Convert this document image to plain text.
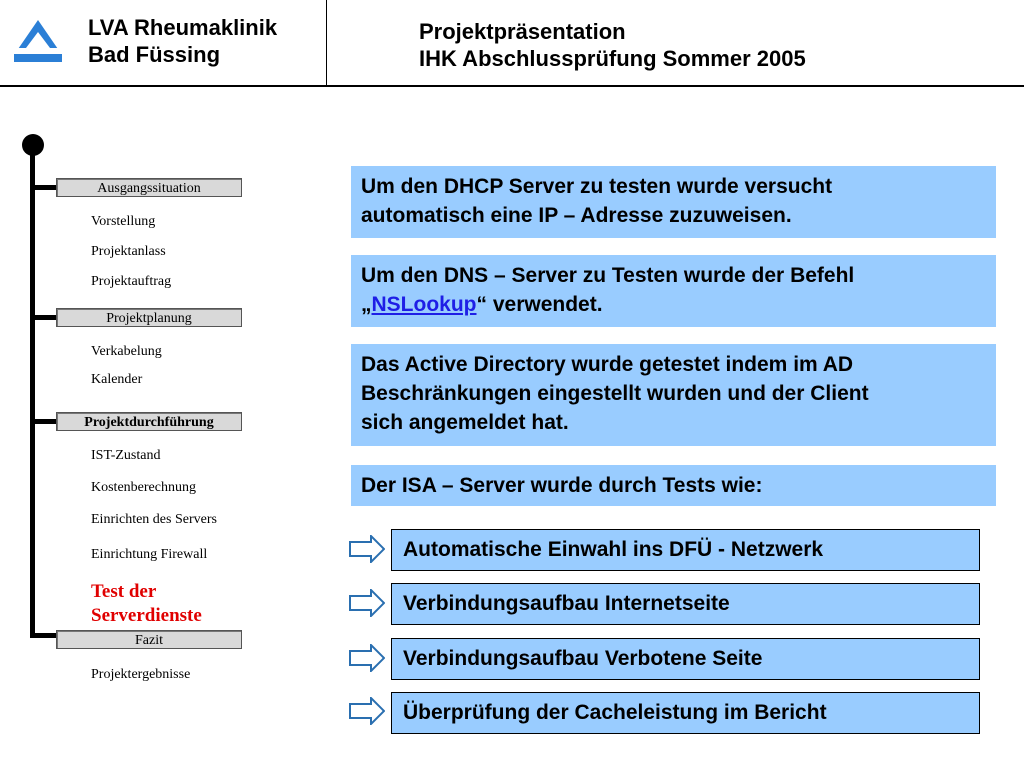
LVA Rheumaklinik
Bad Füssing
Projektpräsentation
IHK Abschlussprüfung Sommer 2005
Ausgangssituation
Vorstellung
Projektanlass
Projektauftrag
Projektplanung
Verkabelung
Kalender
Projektdurchführung
IST-Zustand
Kostenberechnung
Einrichten des Servers
Einrichtung Firewall
Test der
Serverdienste
Fazit
Projektergebnisse
Um den DHCP Server zu testen wurde versucht
automatisch eine IP – Adresse zuzuweisen.
Um den DNS – Server zu Testen wurde der Befehl
„NSLookup“ verwendet.
Das Active Directory wurde getestet indem im AD
Beschränkungen eingestellt wurden und der Client
sich angemeldet hat.
Der ISA – Server wurde durch Tests wie:
Automatische Einwahl ins DFÜ - Netzwerk
Verbindungsaufbau Internetseite
Verbindungsaufbau Verbotene Seite
Überprüfung der Cacheleistung im Bericht
